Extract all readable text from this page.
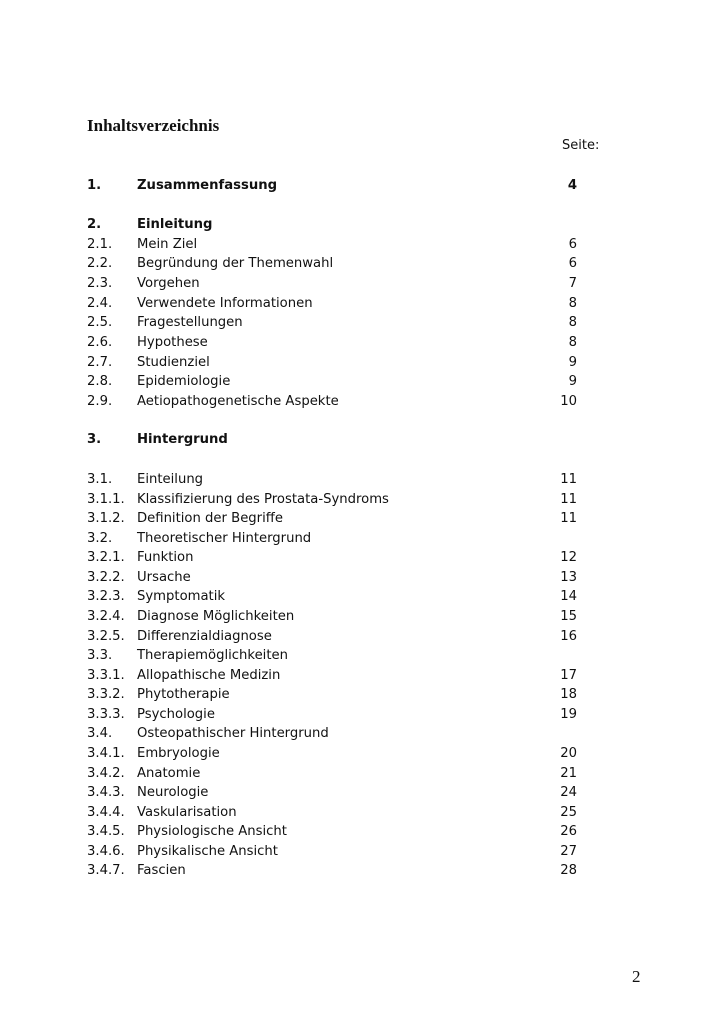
Inhaltsverzeichnis
Seite:
1.	Zusammenfassung	4
2.	Einleitung
2.1. Mein Ziel	6
2.2. Begründung der Themenwahl	6
2.3. Vorgehen	7
2.4. Verwendete Informationen	8
2.5. Fragestellungen	8
2.6. Hypothese	8
2.7. Studienziel	9
2.8. Epidemiologie	9
2.9. Aetiopathogenetische Aspekte	10
3.	Hintergrund
3.1. Einteilung	11
3.1.1. Klassifizierung des Prostata-Syndroms	11
3.1.2. Definition der Begriffe	11
3.2. Theoretischer Hintergrund
3.2.1. Funktion	12
3.2.2. Ursache	13
3.2.3. Symptomatik	14
3.2.4. Diagnose Möglichkeiten	15
3.2.5. Differenzialdiagnose	16
3.3. Therapiemöglichkeiten
3.3.1. Allopathische Medizin	17
3.3.2. Phytotherapie	18
3.3.3. Psychologie	19
3.4. Osteopathischer Hintergrund
3.4.1. Embryologie	20
3.4.2. Anatomie	21
3.4.3. Neurologie	24
3.4.4. Vaskularisation	25
3.4.5. Physiologische Ansicht	26
3.4.6. Physikalische Ansicht	27
3.4.7. Fascien	28
2
